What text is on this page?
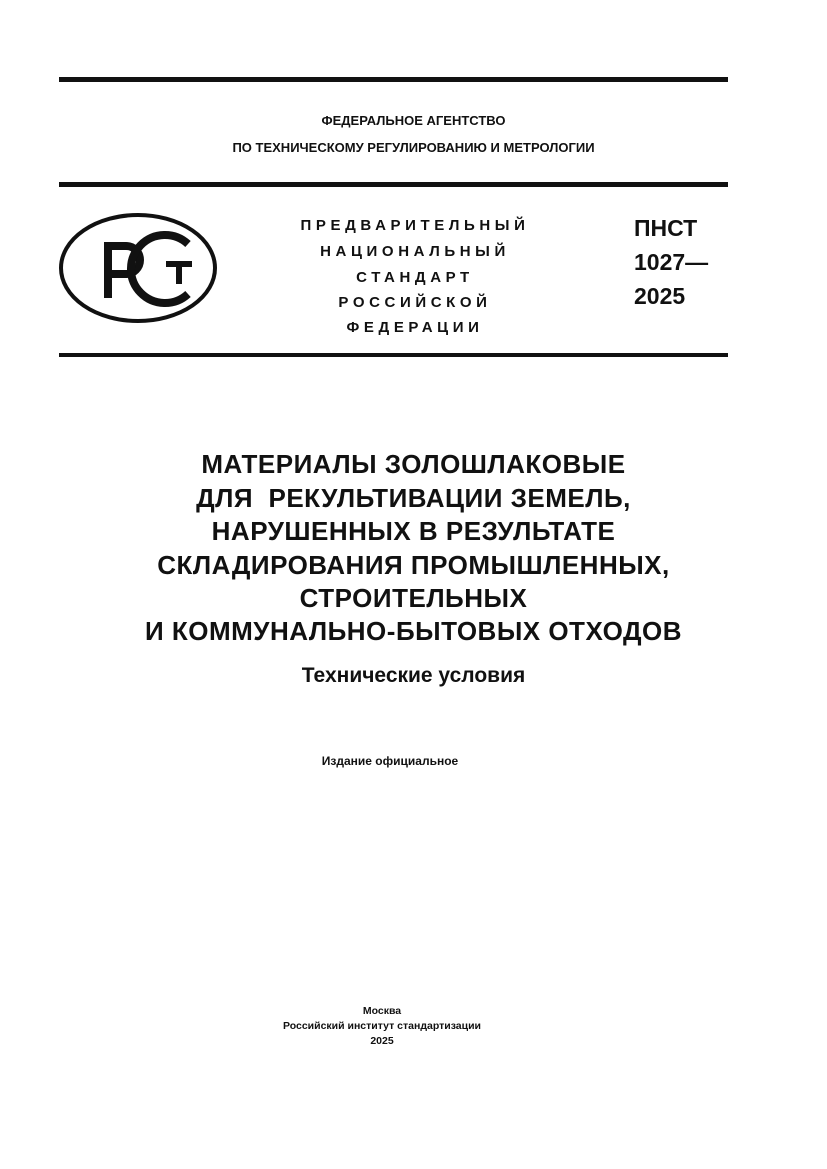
ФЕДЕРАЛЬНОЕ АГЕНТСТВО
ПО ТЕХНИЧЕСКОМУ РЕГУЛИРОВАНИЮ И МЕТРОЛОГИИ
ПРЕДВАРИТЕЛЬНЫЙ
НАЦИОНАЛЬНЫЙ
СТАНДАРТ
РОССИЙСКОЙ
ФЕДЕРАЦИИ
ПНСТ
1027—
2025
МАТЕРИАЛЫ ЗОЛОШЛАКОВЫЕ
ДЛЯ  РЕКУЛЬТИВАЦИИ ЗЕМЕЛЬ,
НАРУШЕННЫХ В РЕЗУЛЬТАТЕ
СКЛАДИРОВАНИЯ ПРОМЫШЛЕННЫХ,
СТРОИТЕЛЬНЫХ
И КОММУНАЛЬНО-БЫТОВЫХ ОТХОДОВ
Технические условия
Издание официальное
Москва
Российский институт стандартизации
2025
